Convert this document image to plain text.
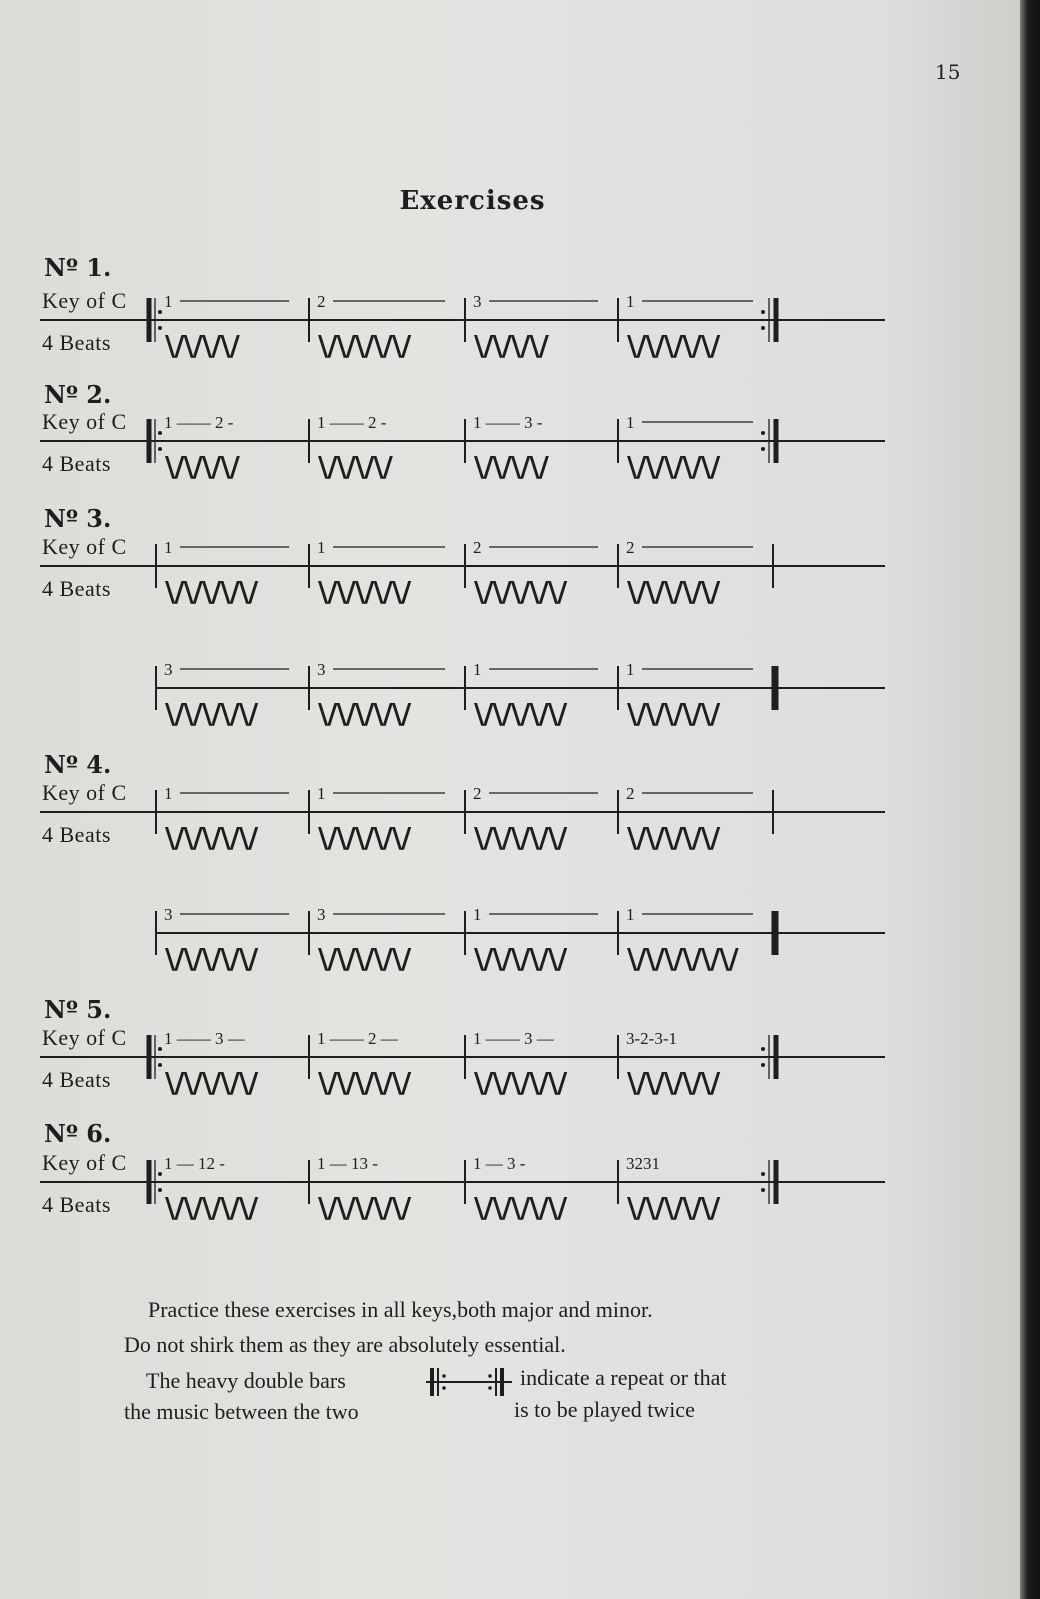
15
Exercises
Nº 1.
Key of C
4 Beats
1
\/\/\/\/
2
\/\/\/\/\/
3
\/\/\/\/
1
\/\/\/\/\/
Nº 2.
Key of C
4 Beats
1 —— 2 -
\/\/\/\/
1 —— 2 -
\/\/\/\/
1 —— 3 -
\/\/\/\/
1
\/\/\/\/\/
Nº 3.
Key of C
4 Beats
1
\/\/\/\/\/
1
\/\/\/\/\/
2
\/\/\/\/\/
2
\/\/\/\/\/
3
\/\/\/\/\/
3
\/\/\/\/\/
1
\/\/\/\/\/
1
\/\/\/\/\/
Nº 4.
Key of C
4 Beats
1
\/\/\/\/\/
1
\/\/\/\/\/
2
\/\/\/\/\/
2
\/\/\/\/\/
3
\/\/\/\/\/
3
\/\/\/\/\/
1
\/\/\/\/\/
1
\/\/\/\/\/\/
Nº 5.
Key of C
4 Beats
1 —— 3 —
\/\/\/\/\/
1 —— 2 —
\/\/\/\/\/
1 —— 3 —
\/\/\/\/\/
3-2-3-1
\/\/\/\/\/
Nº 6.
Key of C
4 Beats
1 — 12 -
\/\/\/\/\/
1 — 13 -
\/\/\/\/\/
1 — 3 -
\/\/\/\/\/
3231
\/\/\/\/\/
Practice these exercises in all keys,both major and minor.
Do not shirk them as they are absolutely essential.
The heavy double bars	indicate a repeat or that
the music between the two	is to be played twice
